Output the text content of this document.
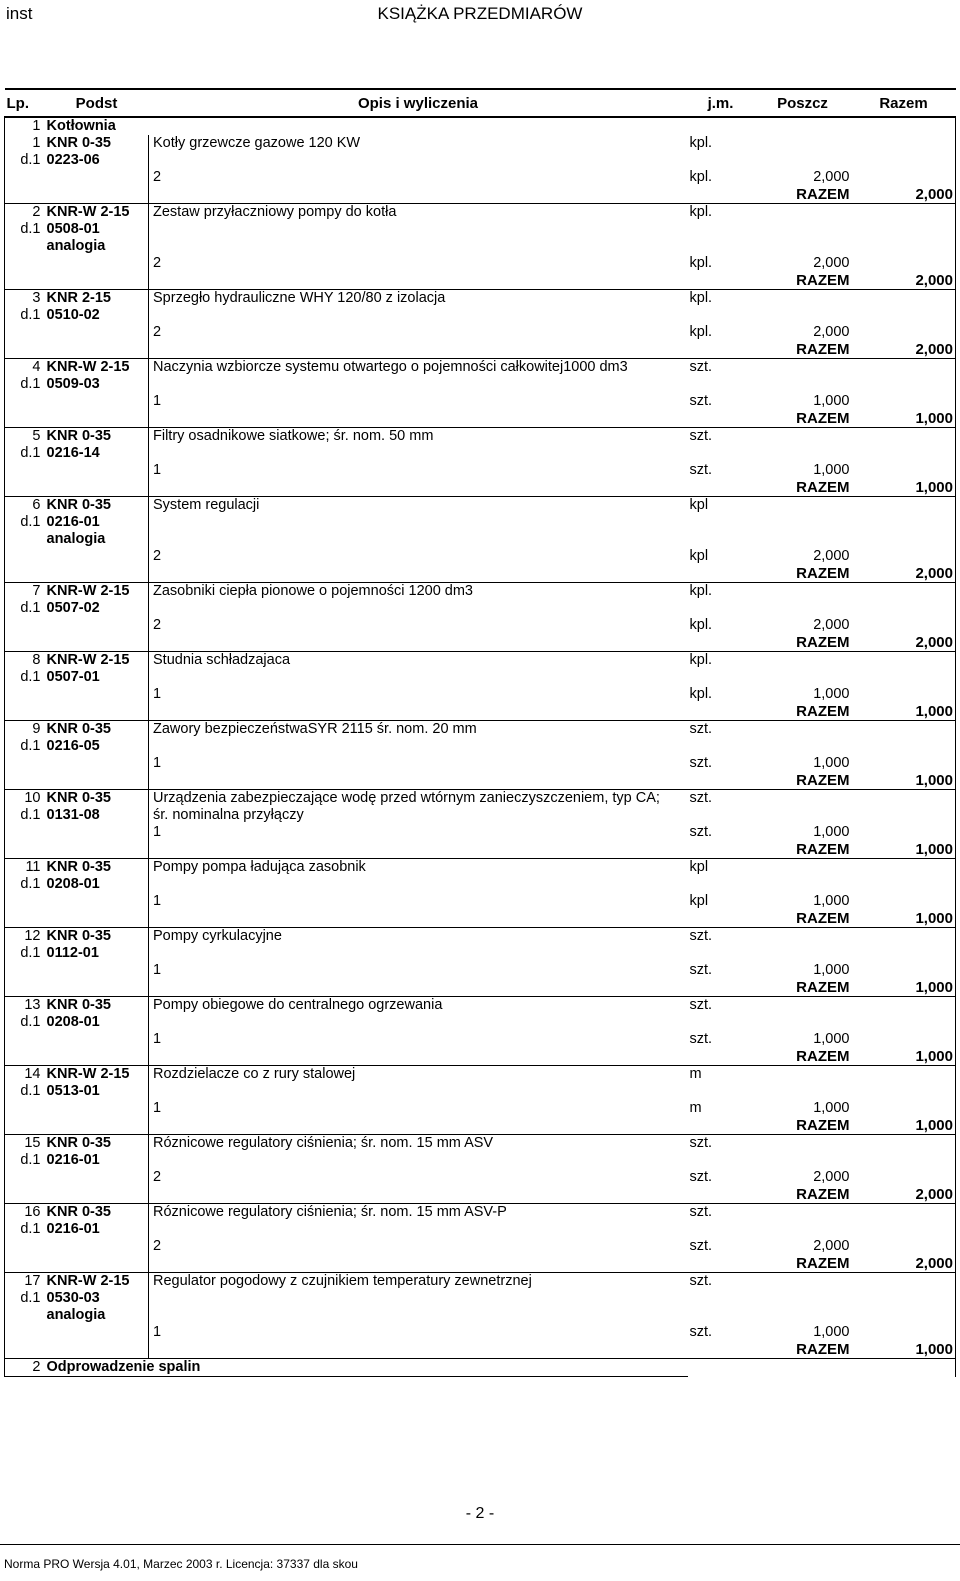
inst	KSIĄŻKA PRZEDMIARÓW
Lp.	Podst	Opis i wyliczenia	j.m.	Poszcz	Razem
1	Kotłownia				
1	KNR 0-35	Kotły grzewcze gazowe 120 KW	kpl.		
d.1	0223-06				
		2	kpl.	2,000	
				RAZEM	2,000
2	KNR-W 2-15	Zestaw przyłaczniowy pompy do kotła	kpl.		
d.1	0508-01				
	analogia				
		2	kpl.	2,000	
				RAZEM	2,000
3	KNR 2-15	Sprzegło hydrauliczne WHY 120/80 z izolacja	kpl.		
d.1	0510-02				
		2	kpl.	2,000	
				RAZEM	2,000
4	KNR-W 2-15	Naczynia wzbiorcze systemu otwartego o pojemności całkowitej1000 dm3	szt.		
d.1	0509-03				
		1	szt.	1,000	
				RAZEM	1,000
5	KNR 0-35	Filtry osadnikowe siatkowe; śr. nom. 50 mm	szt.		
d.1	0216-14				
		1	szt.	1,000	
				RAZEM	1,000
6	KNR 0-35	System regulacji	kpl		
d.1	0216-01				
	analogia				
		2	kpl	2,000	
				RAZEM	2,000
7	KNR-W 2-15	Zasobniki ciepła pionowe o pojemności 1200 dm3	kpl.		
d.1	0507-02				
		2	kpl.	2,000	
				RAZEM	2,000
8	KNR-W 2-15	Studnia schładzajaca	kpl.		
d.1	0507-01				
		1	kpl.	1,000	
				RAZEM	1,000
9	KNR 0-35	Zawory bezpieczeństwaSYR 2115 śr. nom. 20 mm	szt.		
d.1	0216-05				
		1	szt.	1,000	
				RAZEM	1,000
10	KNR 0-35	Urządzenia zabezpieczające wodę przed wtórnym zanieczyszczeniem, typ CA;	szt.		
d.1	0131-08	śr. nominalna przyłączy			
		1	szt.	1,000	
				RAZEM	1,000
11	KNR 0-35	Pompy pompa ładująca zasobnik	kpl		
d.1	0208-01				
		1	kpl	1,000	
				RAZEM	1,000
12	KNR 0-35	Pompy cyrkulacyjne	szt.		
d.1	0112-01				
		1	szt.	1,000	
				RAZEM	1,000
13	KNR 0-35	Pompy obiegowe do centralnego ogrzewania	szt.		
d.1	0208-01				
		1	szt.	1,000	
				RAZEM	1,000
14	KNR-W 2-15	Rozdzielacze co z rury stalowej	m		
d.1	0513-01				
		1	m	1,000	
				RAZEM	1,000
15	KNR 0-35	Róznicowe regulatory ciśnienia; śr. nom. 15 mm ASV	szt.		
d.1	0216-01				
		2	szt.	2,000	
				RAZEM	2,000
16	KNR 0-35	Róznicowe regulatory ciśnienia; śr. nom. 15 mm ASV-P	szt.		
d.1	0216-01				
		2	szt.	2,000	
				RAZEM	2,000
17	KNR-W 2-15	Regulator pogodowy z czujnikiem temperatury zewnetrznej	szt.		
d.1	0530-03				
	analogia				
		1	szt.	1,000	
				RAZEM	1,000
2	Odprowadzenie spalin				
- 2 -
Norma PRO Wersja 4.01, Marzec 2003 r. Licencja: 37337 dla skou
